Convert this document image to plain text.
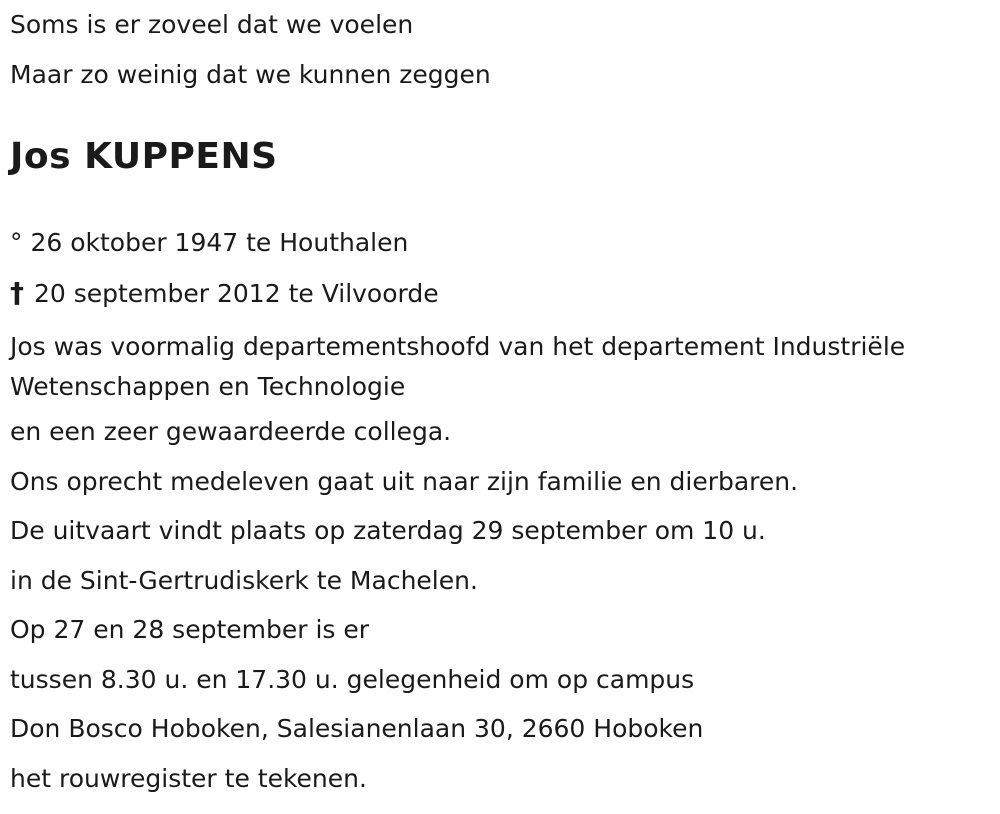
Soms is er zoveel dat we voelen

Maar zo weinig dat we kunnen zeggen

Jos KUPPENS

° 26 oktober 1947 te Houthalen

† 20 september 2012 te Vilvoorde

Jos was voormalig departementshoofd van het departement Industriële Wetenschappen en Technologie

en een zeer gewaardeerde collega.

Ons oprecht medeleven gaat uit naar zijn familie en dierbaren.

De uitvaart vindt plaats op zaterdag 29 september om 10 u.

in de Sint-Gertrudiskerk te Machelen.

Op 27 en 28 september is er

tussen 8.30 u. en 17.30 u. gelegenheid om op campus

Don Bosco Hoboken, Salesianenlaan 30, 2660 Hoboken

het rouwregister te tekenen.
